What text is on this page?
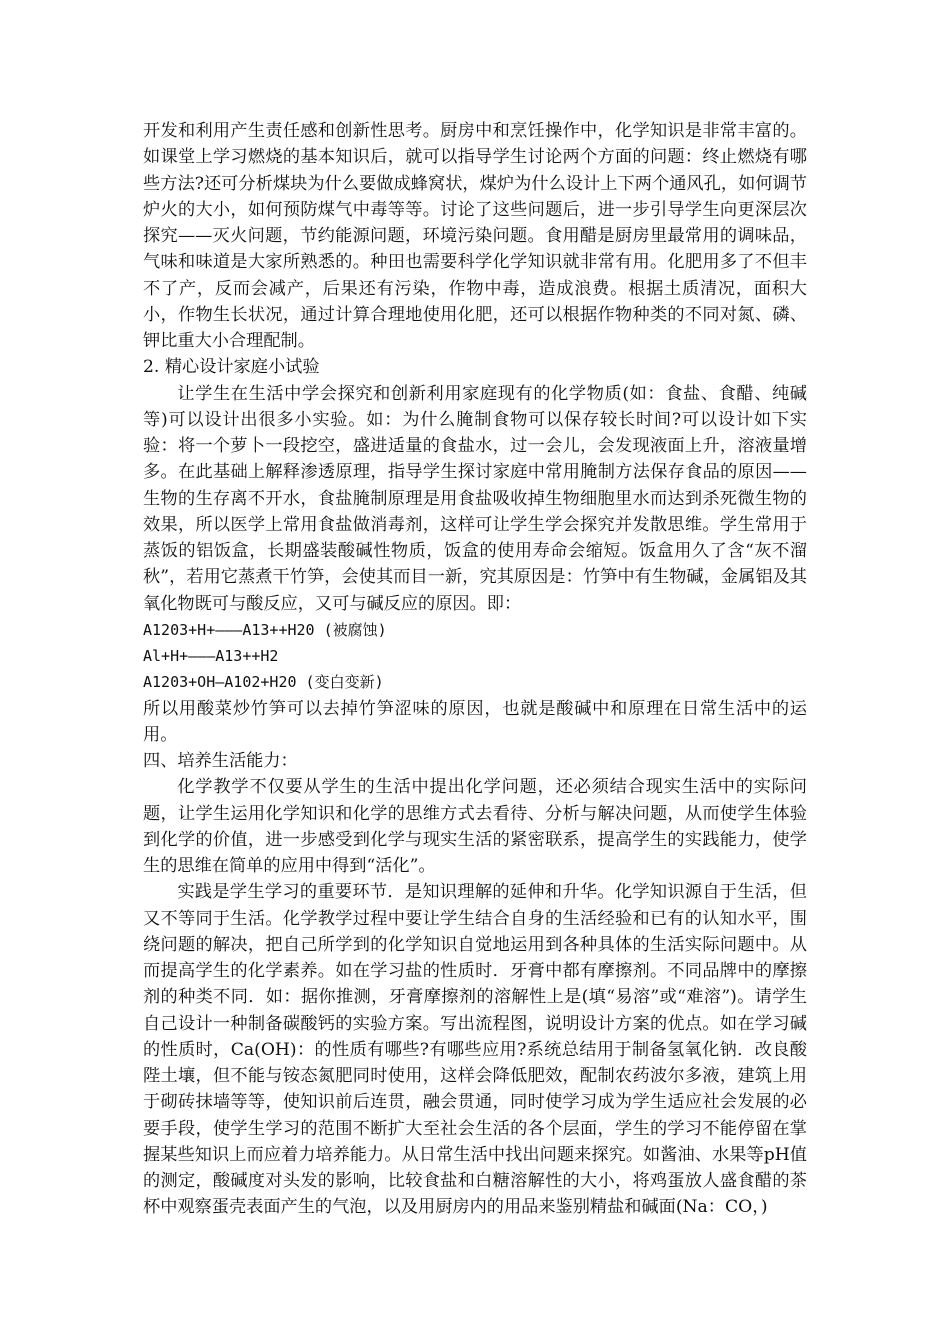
开发和利用产生责任感和创新性思考。厨房中和烹饪操作中，化学知识是非常丰富的。如课堂上学习燃烧的基本知识后，就可以指导学生讨论两个方面的问题：终止燃烧有哪些方法?还可分析煤块为什么要做成蜂窝状，煤炉为什么设计上下两个通风孔，如何调节炉火的大小，如何预防煤气中毒等等。讨论了这些问题后，进一步引导学生向更深层次探究——灭火问题，节约能源问题，环境污染问题。食用醋是厨房里最常用的调味品，气味和味道是大家所熟悉的。种田也需要科学化学知识就非常有用。化肥用多了不但丰不了产，反而会减产，后果还有污染，作物中毒，造成浪费。根据土质清况，面积大小，作物生长状况，通过计算合理地使用化肥，还可以根据作物种类的不同对氮、磷、钾比重大小合理配制。

2. 精心设计家庭小试验

让学生在生活中学会探究和创新利用家庭现有的化学物质(如：食盐、食醋、纯碱等)可以设计出很多小实验。如：为什么腌制食物可以保存较长时间?可以设计如下实验：将一个萝卜一段挖空，盛进适量的食盐水，过一会儿，会发现液面上升，溶液量增多。在此基础上解释渗透原理，指导学生探讨家庭中常用腌制方法保存食品的原因——生物的生存离不开水，食盐腌制原理是用食盐吸收掉生物细胞里水而达到杀死微生物的效果，所以医学上常用食盐做消毒剂，这样可让学生学会探究并发散思维。学生常用于蒸饭的铝饭盒，长期盛装酸碱性物质，饭盒的使用寿命会缩短。饭盒用久了含“灰不溜秋”，若用它蒸煮干竹笋，会使其而目一新，究其原因是：竹笋中有生物碱，金属铝及其氧化物既可与酸反应，又可与碱反应的原因。即：

A1203+H+———A13++H20 (被腐蚀)

Al+H+———A13++H2

A1203+OH—A102+H20 (变白变新)

所以用酸菜炒竹笋可以去掉竹笋涩味的原因，也就是酸碱中和原理在日常生活中的运用。

四、培养生活能力：

化学教学不仅要从学生的生活中提出化学问题，还必须结合现实生活中的实际问题，让学生运用化学知识和化学的思维方式去看待、分析与解决问题，从而使学生体验到化学的价值，进一步感受到化学与现实生活的紧密联系，提高学生的实践能力，使学生的思维在简单的应用中得到“活化”。

实践是学生学习的重要环节．是知识理解的延伸和升华。化学知识源自于生活，但又不等同于生活。化学教学过程中要让学生结合自身的生活经验和已有的认知水平，围绕问题的解决，把自己所学到的化学知识自觉地运用到各种具体的生活实际问题中。从而提高学生的化学素养。如在学习盐的性质时．牙膏中都有摩擦剂。不同品牌中的摩擦剂的种类不同．如：据你推测，牙膏摩擦剂的溶解性上是(填“易溶”或“难溶”)。请学生自己设计一种制备碳酸钙的实验方案。写出流程图，说明设计方案的优点。如在学习碱的性质时，Ca(OH)：的性质有哪些?有哪些应用?系统总结用于制备氢氧化钠．改良酸陛土壤，但不能与铵态氮肥同时使用，这样会降低肥效，配制农药波尔多液，建筑上用于砌砖抹墙等等，使知识前后连贯，融会贯通，同时使学习成为学生适应社会发展的必要手段，使学生学习的范围不断扩大至社会生活的各个层面，学生的学习不能停留在掌握某些知识上而应着力培养能力。从日常生活中找出问题来探究。如酱油、水果等pH值的测定，酸碱度对头发的影响，比较食盐和白糖溶解性的大小，将鸡蛋放人盛食醋的茶杯中观察蛋壳表面产生的气泡，以及用厨房内的用品来鉴别精盐和碱面(Na：CO，)
